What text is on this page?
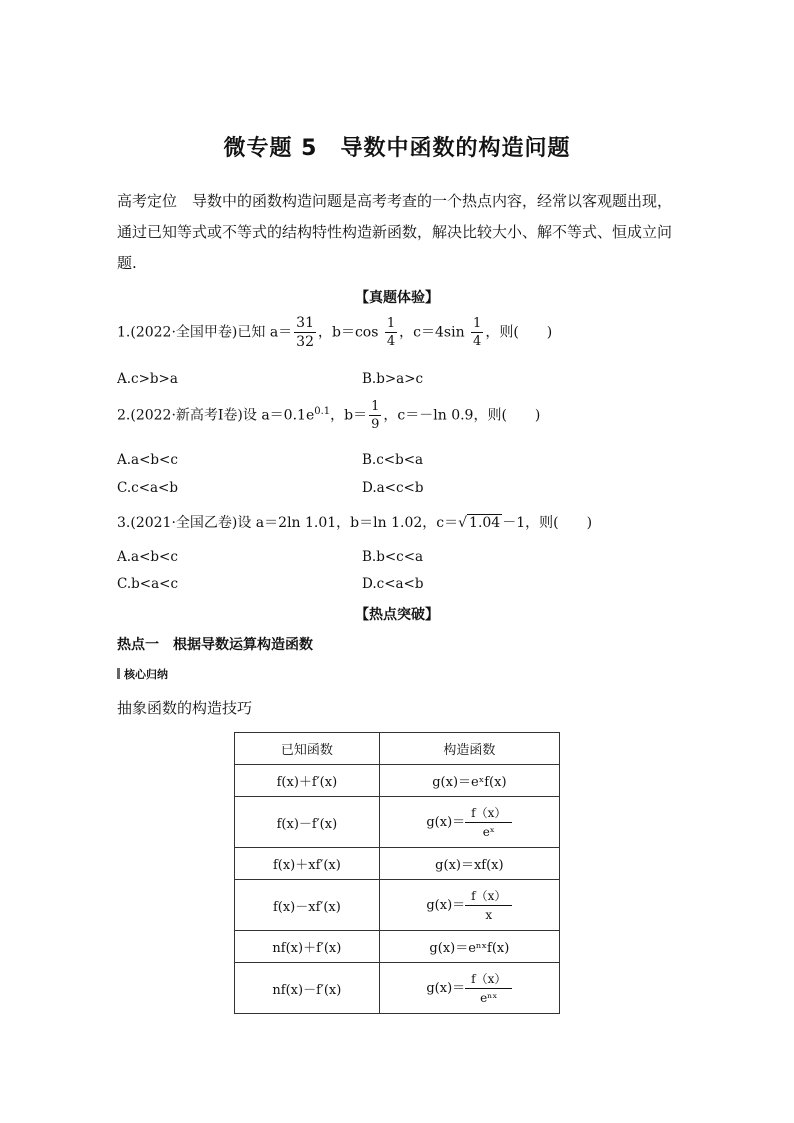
微专题 5　导数中函数的构造问题
高考定位　导数中的函数构造问题是高考考查的一个热点内容，经常以客观题出现，通过已知等式或不等式的结构特性构造新函数，解决比较大小、解不等式、恒成立问题.
【真题体验】
1.(2022·全国甲卷)已知 $a= \frac{31}{32}$ ，$b=\cos \frac{1}{4}$ ，$c=4\sin \frac{1}{4}$ ，则(　　)
A.c>b>a	B.b>a>c
2.(2022·新高考Ⅰ卷)设 $a=0.1e^{0.1}$，$b= \frac{1}{9}$ ，c＝－ln 0.9，则(　　)
A.a<b<c	B.c<b<a
C.c<a<b	D.a<c<b
3.(2021·全国乙卷)设 a＝2ln 1.01，b＝ln 1.02，c＝√ 1.04 －1，则(　　)
A.a<b<c	B.b<c<a
C.b<a<c	D.c<a<b
【热点突破】
热点一　根据导数运算构造函数
核心归纳
抽象函数的构造技巧
已知函数	构造函数
f(x)＋f′(x)	g(x)＝eˣf(x)
f(x)－f′(x)	$g(x)= \frac{f(x)}{\text{eˣ}}$

f(x)＋xf′(x)	g(x)＝xf(x)
f(x)－xf′(x)	$g(x)= \frac{f(x)}{x}$

nf(x)＋f′(x)	g(x)＝eⁿˣf(x)
nf(x)－f′(x)	$g(x)= \frac{f(x)}{\text{eⁿˣ}}$
